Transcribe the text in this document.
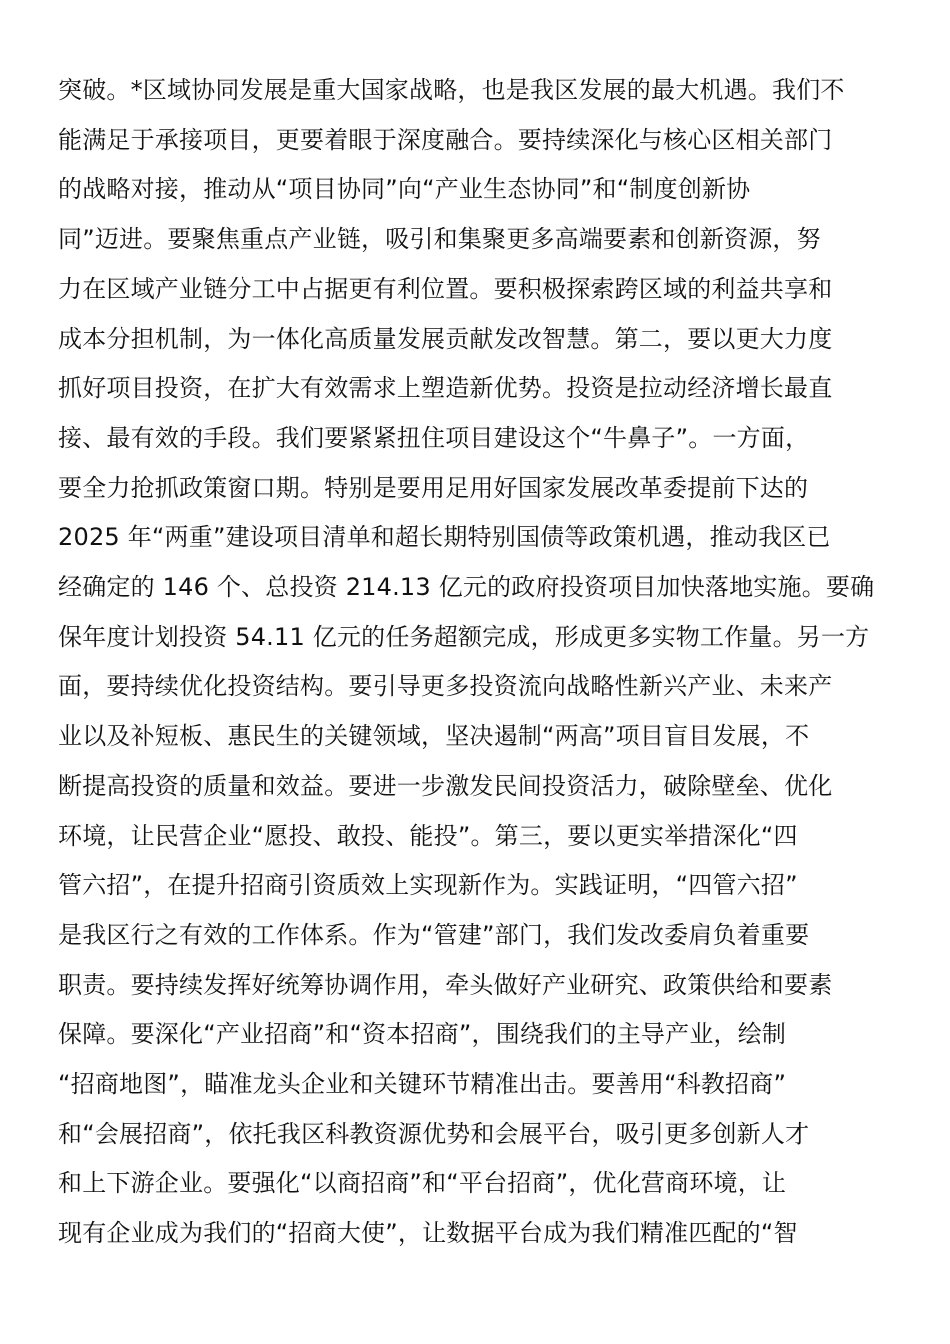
突破。*区域协同发展是重大国家战略，也是我区发展的最大机遇。我们不
能满足于承接项目，更要着眼于深度融合。要持续深化与核心区相关部门
的战略对接，推动从“项目协同”向“产业生态协同”和“制度创新协
同”迈进。要聚焦重点产业链，吸引和集聚更多高端要素和创新资源，努
力在区域产业链分工中占据更有利位置。要积极探索跨区域的利益共享和
成本分担机制，为一体化高质量发展贡献发改智慧。第二，要以更大力度
抓好项目投资，在扩大有效需求上塑造新优势。投资是拉动经济增长最直
接、最有效的手段。我们要紧紧扭住项目建设这个“牛鼻子”。一方面，
要全力抢抓政策窗口期。特别是要用足用好国家发展改革委提前下达的
2025 年“两重”建设项目清单和超长期特别国债等政策机遇，推动我区已
经确定的 146 个、总投资 214.13 亿元的政府投资项目加快落地实施。要确
保年度计划投资 54.11 亿元的任务超额完成，形成更多实物工作量。另一方
面，要持续优化投资结构。要引导更多投资流向战略性新兴产业、未来产
业以及补短板、惠民生的关键领域，坚决遏制“两高”项目盲目发展，不
断提高投资的质量和效益。要进一步激发民间投资活力，破除壁垒、优化
环境，让民营企业“愿投、敢投、能投”。第三，要以更实举措深化“四
管六招”，在提升招商引资质效上实现新作为。实践证明，“四管六招”
是我区行之有效的工作体系。作为“管建”部门，我们发改委肩负着重要
职责。要持续发挥好统筹协调作用，牵头做好产业研究、政策供给和要素
保障。要深化“产业招商”和“资本招商”，围绕我们的主导产业，绘制
“招商地图”，瞄准龙头企业和关键环节精准出击。要善用“科教招商”
和“会展招商”，依托我区科教资源优势和会展平台，吸引更多创新人才
和上下游企业。要强化“以商招商”和“平台招商”，优化营商环境，让
现有企业成为我们的“招商大使”，让数据平台成为我们精准匹配的“智
